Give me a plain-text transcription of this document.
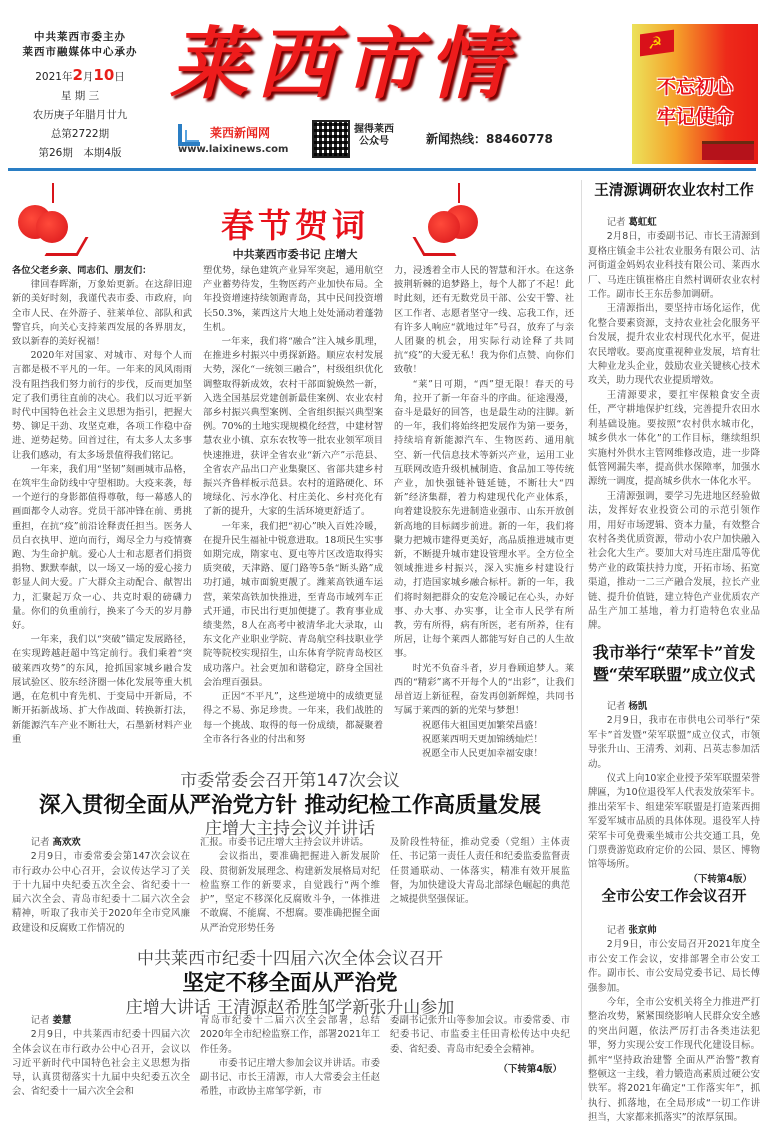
中共莱西市委主办
莱西市融媒体中心承办
2021年2月10日
星 期 三
农历庚子年腊月廿九
总第2722期
第26期　本期4版
莱西市情
莱西新闻网
www.laixinews.com
握得莱西
公众号	新闻热线：88460778
☭
不忘初心
牢记使命
春节贺词
中共莱西市委书记 庄增大

各位父老乡亲、同志们、朋友们：

律回春晖渐，万象始更新。在这辞旧迎新的美好时刻，我谨代表市委、市政府，向全市人民、在外游子、驻莱单位、部队和武警官兵，向关心支持莱西发展的各界朋友，致以新春的美好祝福！

2020年对国家、对城市、对每个人而言都是极不平凡的一年。一年来的风风雨雨没有阻挡我们努力前行的步伐，反而更加坚定了我们勇往直前的决心。我们以习近平新时代中国特色社会主义思想为指引，把握大势、铆足干劲、攻坚克难，各项工作稳中奋进、逆势起势。回首过往，有太多人太多事让我们感动，有太多场景值得我们铭记。

一年来，我们用“坚韧”刻画城市品格，在筑牢生命防线中守望相助。大疫来袭，每一个逆行的身影都值得尊敬，每一幕感人的画面都令人动容。党员干部冲锋在前、勇挑重担，在抗“疫”前沿诠释责任担当。医务人员白衣执甲、逆向而行，竭尽全力与疫情赛跑、为生命护航。爱心人士和志愿者们捐资捐物、默默奉献，以一场又一场的爱心接力彰显人间大爱。广大群众主动配合、献智出力，汇聚起万众一心、共克时艰的磅礴力量。你们的负重前行，换来了今天的岁月静好。

一年来，我们以“突破”锚定发展路径，在实现跨越赶超中笃定前行。我们乘着“突破莱西攻势”的东风，抢抓国家城乡融合发展试验区、胶东经济圈一体化发展等重大机遇，在危机中育先机、于变局中开新局，不断开拓新战场、扩大作战面、转换新打法，新能源汽车产业不断壮大，石墨新材料产业重

塑优势，绿色建筑产业异军突起，通用航空产业蓄势待发，生物医药产业加快布局。全年投资增速持续领跑青岛，其中民间投资增长50.3%，莱西这片大地上处处涌动着蓬勃生机。

一年来，我们将“融合”注入城乡肌理，在推进乡村振兴中勇探新路。顺应农村发展大势，深化“一统领三融合”，村级组织优化调整取得新成效，农村干部面貌焕然一新，入选全国基层党建创新最佳案例、农业农村部乡村振兴典型案例、全省组织振兴典型案例。70%的土地实现规模化经营，中建材智慧农业小镇、京东农牧等一批农业领军项目快速推进，获评全省农业“新六产”示范县、全省农产品出口产业集聚区、省部共建乡村振兴齐鲁样板示范县。农村的道路硬化、环境绿化、污水净化、村庄美化、乡村亮化有了新的提升，大家的生活环境更舒适了。

一年来，我们把“初心”映入百姓冷暖，在提升民生福祉中锐意进取。18项民生实事如期完成，隋家屯、夏屯等片区改造取得实质突破，天津路、厦门路等5条“断头路”成功打通，城市面貌更靓了。潍莱高铁通车运营，莱荣高铁加快推进，至青岛市域列车正式开通，市民出行更加便捷了。教育事业成绩斐然，8人在高考中被清华北大录取，山东文化产业职业学院、青岛航空科技职业学院等院校实现招生，山东体育学院青岛校区成功落户。社会更加和谐稳定，跻身全国社会治理百强县。

正因“不平凡”，这些逆境中的成绩更显得之不易、弥足珍贵。一年来，我们战胜的每一个挑战、取得的每一份成绩，都凝聚着全市各行各业的付出和努

力，浸透着全市人民的智慧和汗水。在这条披荆斩棘的追梦路上，每个人都了不起！此时此刻，还有无数党员干部、公安干警、社区工作者、志愿者坚守一线、忘我工作，还有许多人响应“就地过年”号召，放弃了与亲人团聚的机会，用实际行动诠释了共同抗“疫”的大爱无私！我为你们点赞、向你们致敬！

“莱”日可期，“西”望无限！春天的号角，拉开了新一年奋斗的序曲。征途漫漫，奋斗是最好的回答，也是最生动的注脚。新的一年，我们将始终把发展作为第一要务，持续培育新能源汽车、生物医药、通用航空、新一代信息技术等新兴产业，运用工业互联网改造升级机械制造、食品加工等传统产业，加快强链补链延链，不断壮大“四新”经济集群，着力构建现代化产业体系，向着建设胶东先进制造业强市、山东开放创新高地的目标阔步前进。新的一年，我们将聚力把城市建得更美好，高品质推进城市更新，不断提升城市建设管理水平。全方位全领域推进乡村振兴，深入实施乡村建设行动，打造国家城乡融合标杆。新的一年，我们将时刻把群众的安危冷暖记在心头，办好事、办大事、办实事，让全市人民学有所教，劳有所得，病有所医，老有所养，住有所居，让每个莱西人都能写好自己的人生故事。

时光不负奋斗者，岁月眷顾追梦人。莱西的“精彩”离不开每个人的“出彩”，让我们昂首迈上新征程，奋发再创新辉煌，共同书写属于莱西的新的光荣与梦想！

祝愿伟大祖国更加繁荣昌盛！

祝愿莱西明天更加锦绣灿烂！

祝愿全市人民更加幸福安康！

王清源调研农业农村工作

记者 葛虹虹

2月8日，市委副书记、市长王清源到夏格庄镇金丰公社农业服务有限公司、沽河街道金妈妈农业科技有限公司、莱西水厂、马连庄镇崔格庄自然村调研农业农村工作。副市长王东岳参加调研。

王清源指出，要坚持市场化运作，优化整合要素资源，支持农业社会化服务平台发展，提升农业农村现代化水平，促进农民增收。要高度重视种业发展，培育壮大种业龙头企业，鼓励农业关键核心技术攻关，助力现代农业提质增效。

王清源要求，要扛牢保粮食安全责任，严守耕地保护红线，完善提升农田水利基础设施。要按照“农村供水城市化，城乡供水一体化”的工作目标，继续组织实施村外供水主管网维修改造，进一步降低管网漏失率，提高供水保障率，加强水源统一调度，提高城乡供水一体化水平。

王清源强调，要学习先进地区经验做法，发挥好农业投资公司的示范引领作用，用好市场逻辑、资本力量，有效整合农村各类优质资源，带动小农户加快融入社会化大生产。要加大对马连庄甜瓜等优势产业的政策扶持力度，开拓市场、拓宽渠道，推动一二三产融合发展，拉长产业链、提升价值链，建立特色产业优质农产品生产加工基地，着力打造特色农业品牌。

我市举行“荣军卡”首发
暨“荣军联盟”成立仪式

记者 杨凯

2月9日，我市在市供电公司举行“荣军卡”首发暨“荣军联盟”成立仪式，市领导张升山、王清秀、刘莉、吕英志参加活动。

仪式上向10家企业授予荣军联盟荣誉牌匾，为10位退役军人代表发放荣军卡。推出荣军卡、组建荣军联盟是打造莱西拥军爱军城市品质的具体体现。退役军人持荣军卡可免费乘坐城市公共交通工具，免门票费游览政府定价的公园、景区、博物馆等场所。

（下转第4版）
全市公安工作会议召开

记者 张京帅

2月9日，市公安局召开2021年度全市公安工作会议，安排部署全市公安工作。副市长、市公安局党委书记、局长傅强参加。

今年，全市公安机关将全力推进严打整治攻势，紧紧围绕影响人民群众安全感的突出问题，依法严厉打击各类违法犯罪，努力实现公安工作现代化建设目标。抓牢“坚持政治建警 全面从严治警”教育整顿这一主线，着力锻造高素质过硬公安铁军。将2021年确定“工作落实年”，抓执行、抓落地，在全局形成“一切工作讲担当，大家都来抓落实”的浓厚氛围。

市委常委会召开第147次会议
深入贯彻全面从严治党方针 推动纪检工作高质量发展
庄增大主持会议并讲话

记者 高欢欢

2月9日，市委常委会第147次会议在市行政办公中心召开，会议传达学习了关于十九届中央纪委五次全会、省纪委十一届六次全会、青岛市纪委十二届六次全会精神，听取了我市关于2020年全市党风廉政建设和反腐败工作情况的

汇报。市委书记庄增大主持会议并讲话。

会议指出，要准确把握进入新发展阶段、贯彻新发展理念、构建新发展格局对纪检监察工作的新要求，自觉践行“两个维护”，坚定不移深化反腐败斗争，一体推进不敢腐、不能腐、不想腐。要准确把握全面从严治党形势任务

及阶段性特征，推动党委（党组）主体责任、书记第一责任人责任和纪委监委监督责任贯通联动、一体落实，精准有效开展监督，为加快建设大青岛北部绿色崛起的典范之城提供坚强保证。

中共莱西市纪委十四届六次全体会议召开
坚定不移全面从严治党
庄增大讲话 王清源赵希胜邹学新张升山参加

记者 姜慧

2月9日，中共莱西市纪委十四届六次全体会议在市行政办公中心召开，会议以习近平新时代中国特色社会主义思想为指导，认真贯彻落实十九届中央纪委五次全会、省纪委十一届六次全会和

青岛市纪委十二届六次全会部署，总结2020年全市纪检监察工作，部署2021年工作任务。

市委书记庄增大参加会议并讲话。市委副书记、市长王清源，市人大常委会主任赵希胜，市政协主席邹学新，市

委副书记张升山等参加会议。市委常委、市纪委书记、市监委主任田青松传达中央纪委、省纪委、青岛市纪委全会精神。

（下转第4版）
